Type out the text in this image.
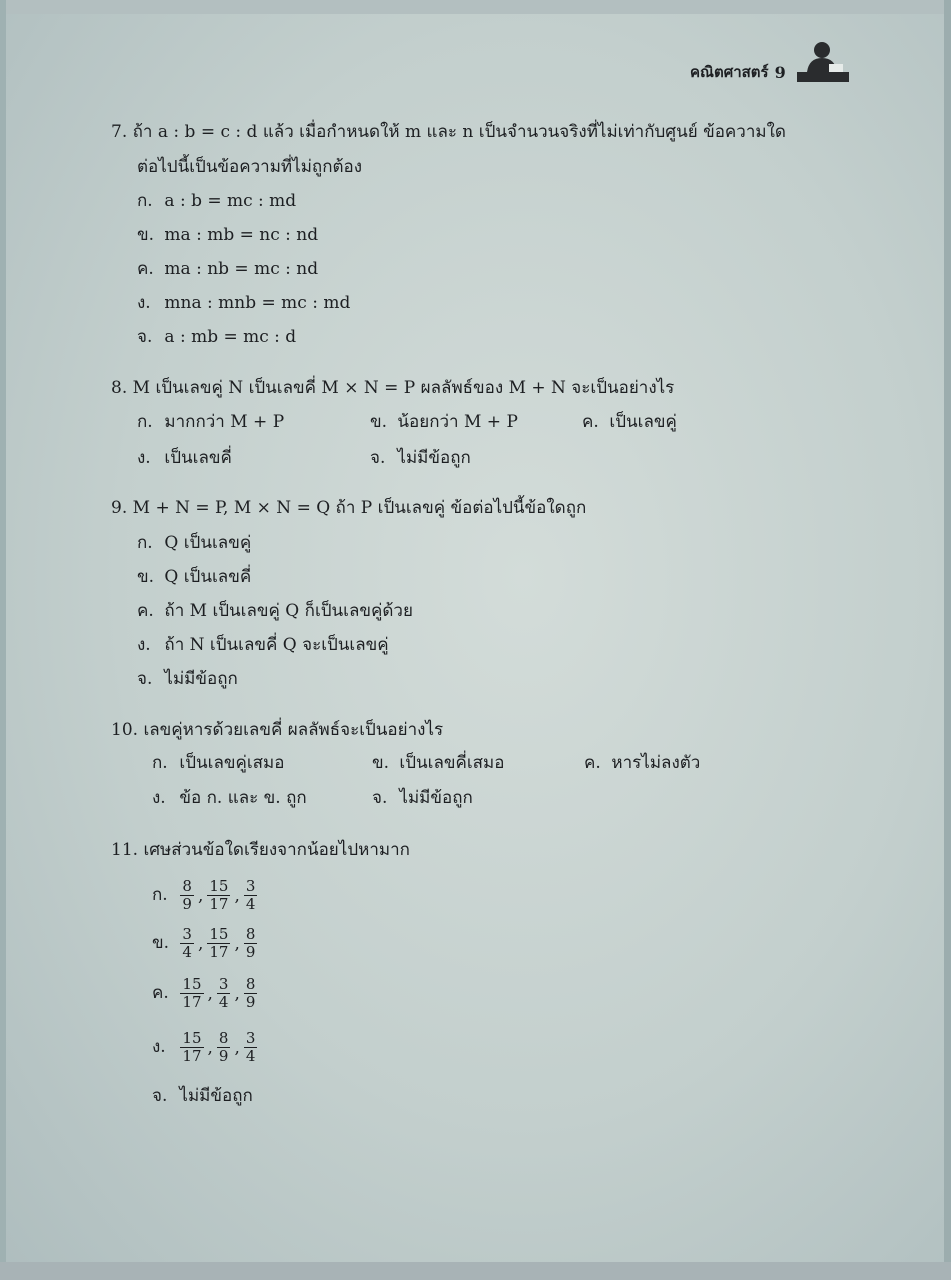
คณิตศาสตร์ 9
7. ถ้า a : b = c : d แล้ว เมื่อกำหนดให้ m และ n เป็นจำนวนจริงที่ไม่เท่ากับศูนย์ ข้อความใด
ต่อไปนี้เป็นข้อความที่ไม่ถูกต้อง
ก. a : b = mc : md
ข. ma : mb = nc : nd
ค. ma : nb = mc : nd
ง. mna : mnb = mc : md
จ. a : mb = mc : d
8. M เป็นเลขคู่ N เป็นเลขคี่ M × N = P ผลลัพธ์ของ M + N จะเป็นอย่างไร
ก. มากกว่า M + P	ข. น้อยกว่า M + P	ค. เป็นเลขคู่
ง. เป็นเลขคี่	จ. ไม่มีข้อถูก
9. M + N = P, M × N = Q ถ้า P เป็นเลขคู่ ข้อต่อไปนี้ข้อใดถูก
ก. Q เป็นเลขคู่
ข. Q เป็นเลขคี่
ค. ถ้า M เป็นเลขคู่ Q ก็เป็นเลขคู่ด้วย
ง. ถ้า N เป็นเลขคี่ Q จะเป็นเลขคู่
จ. ไม่มีข้อถูก
10. เลขคู่หารด้วยเลขคี่ ผลลัพธ์จะเป็นอย่างไร
ก. เป็นเลขคู่เสมอ	ข. เป็นเลขคี่เสมอ	ค. หารไม่ลงตัว
ง. ข้อ ก. และ ข. ถูก	จ. ไม่มีข้อถูก
11. เศษส่วนข้อใดเรียงจากน้อยไปหามาก
ก. $\frac{8}{9}$ , $\frac{15}{17}$ , $\frac{3}{4}$
ข. $\frac{3}{4}$ , $\frac{15}{17}$ , $\frac{8}{9}$
ค. $\frac{15}{17}$ , $\frac{3}{4}$ , $\frac{8}{9}$
ง. $\frac{15}{17}$ , $\frac{8}{9}$ , $\frac{3}{4}$
จ. ไม่มีข้อถูก
